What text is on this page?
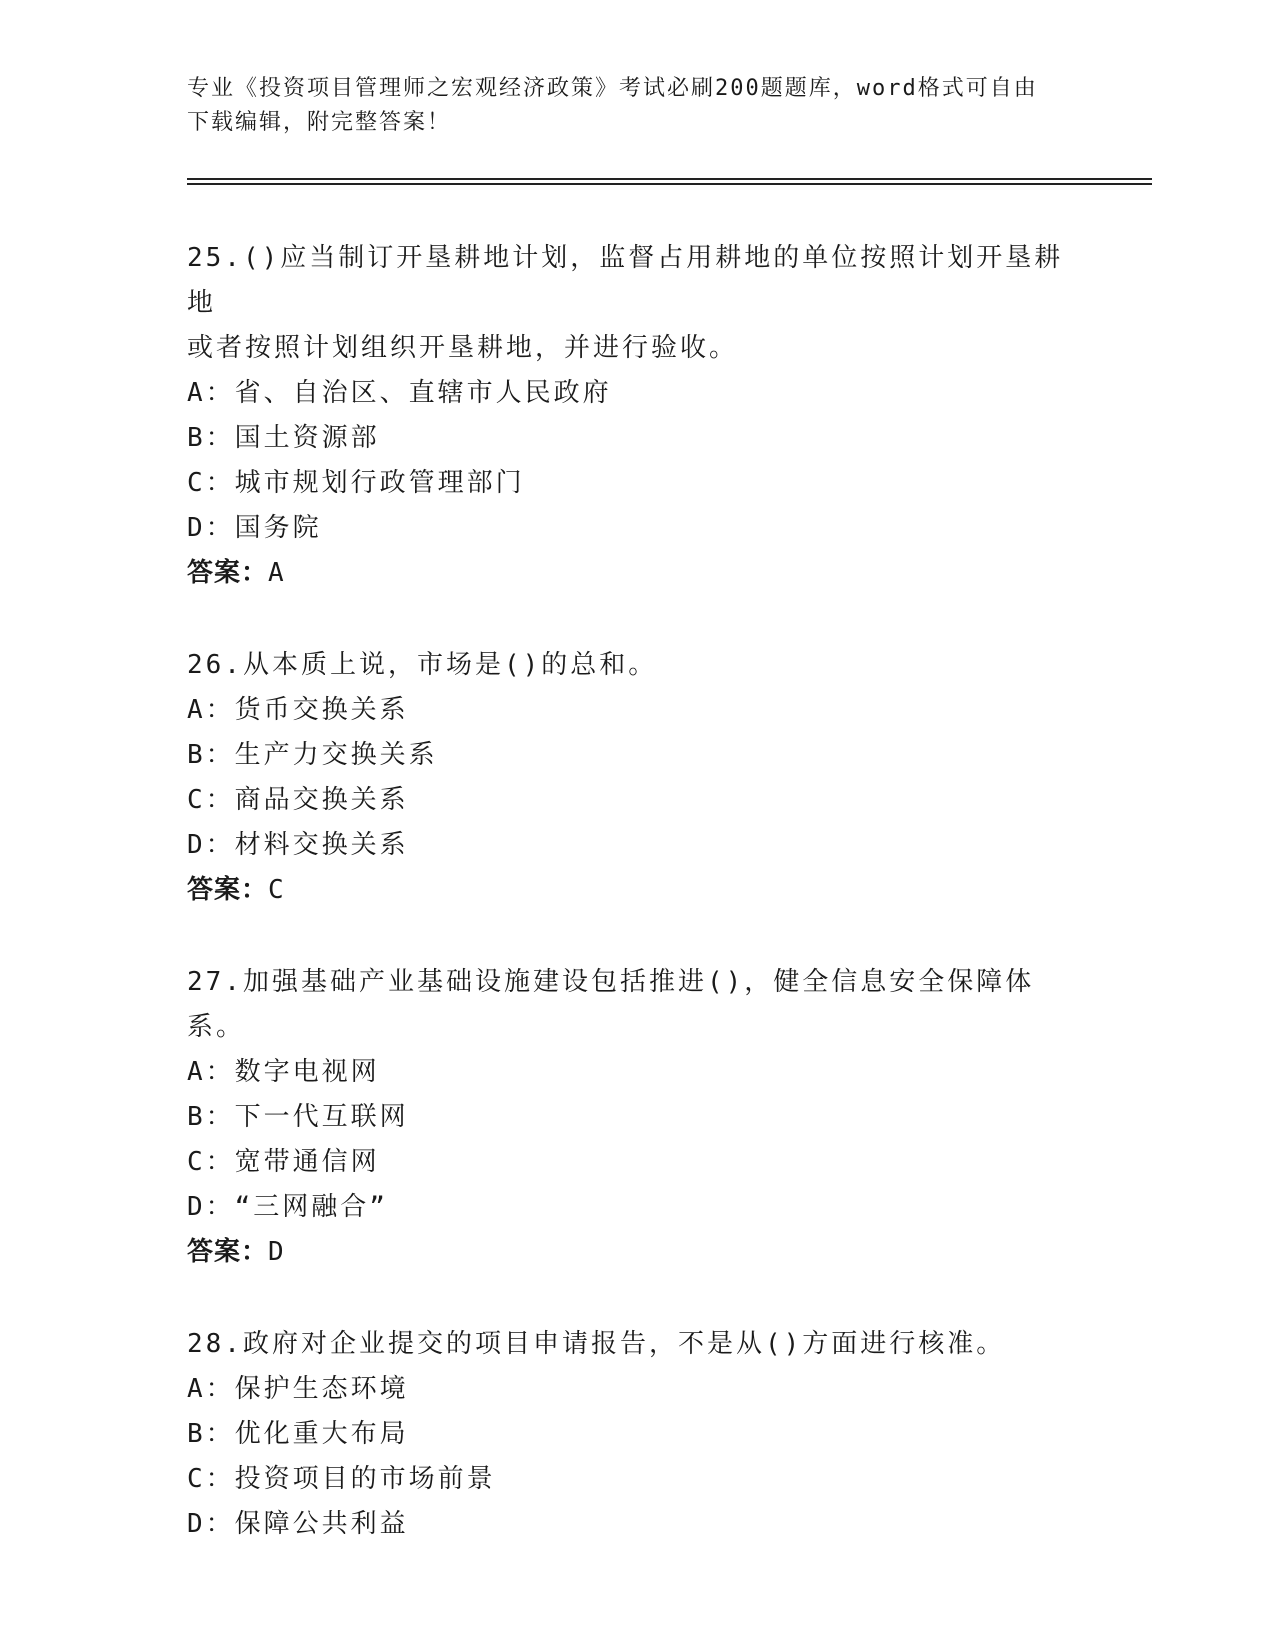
专业《投资项目管理师之宏观经济政策》考试必刷200题题库，word格式可自由
下载编辑，附完整答案！
25.()应当制订开垦耕地计划，监督占用耕地的单位按照计划开垦耕地
或者按照计划组织开垦耕地，并进行验收。
A：省、自治区、直辖市人民政府
B：国土资源部
C：城市规划行政管理部门
D：国务院
答案：A
26.从本质上说，市场是()的总和。
A：货币交换关系
B：生产力交换关系
C：商品交换关系
D：材料交换关系
答案：C
27.加强基础产业基础设施建设包括推进()，健全信息安全保障体系。
A：数字电视网
B：下一代互联网
C：宽带通信网
D：“三网融合”
答案：D
28.政府对企业提交的项目申请报告，不是从()方面进行核准。
A：保护生态环境
B：优化重大布局
C：投资项目的市场前景
D：保障公共利益
